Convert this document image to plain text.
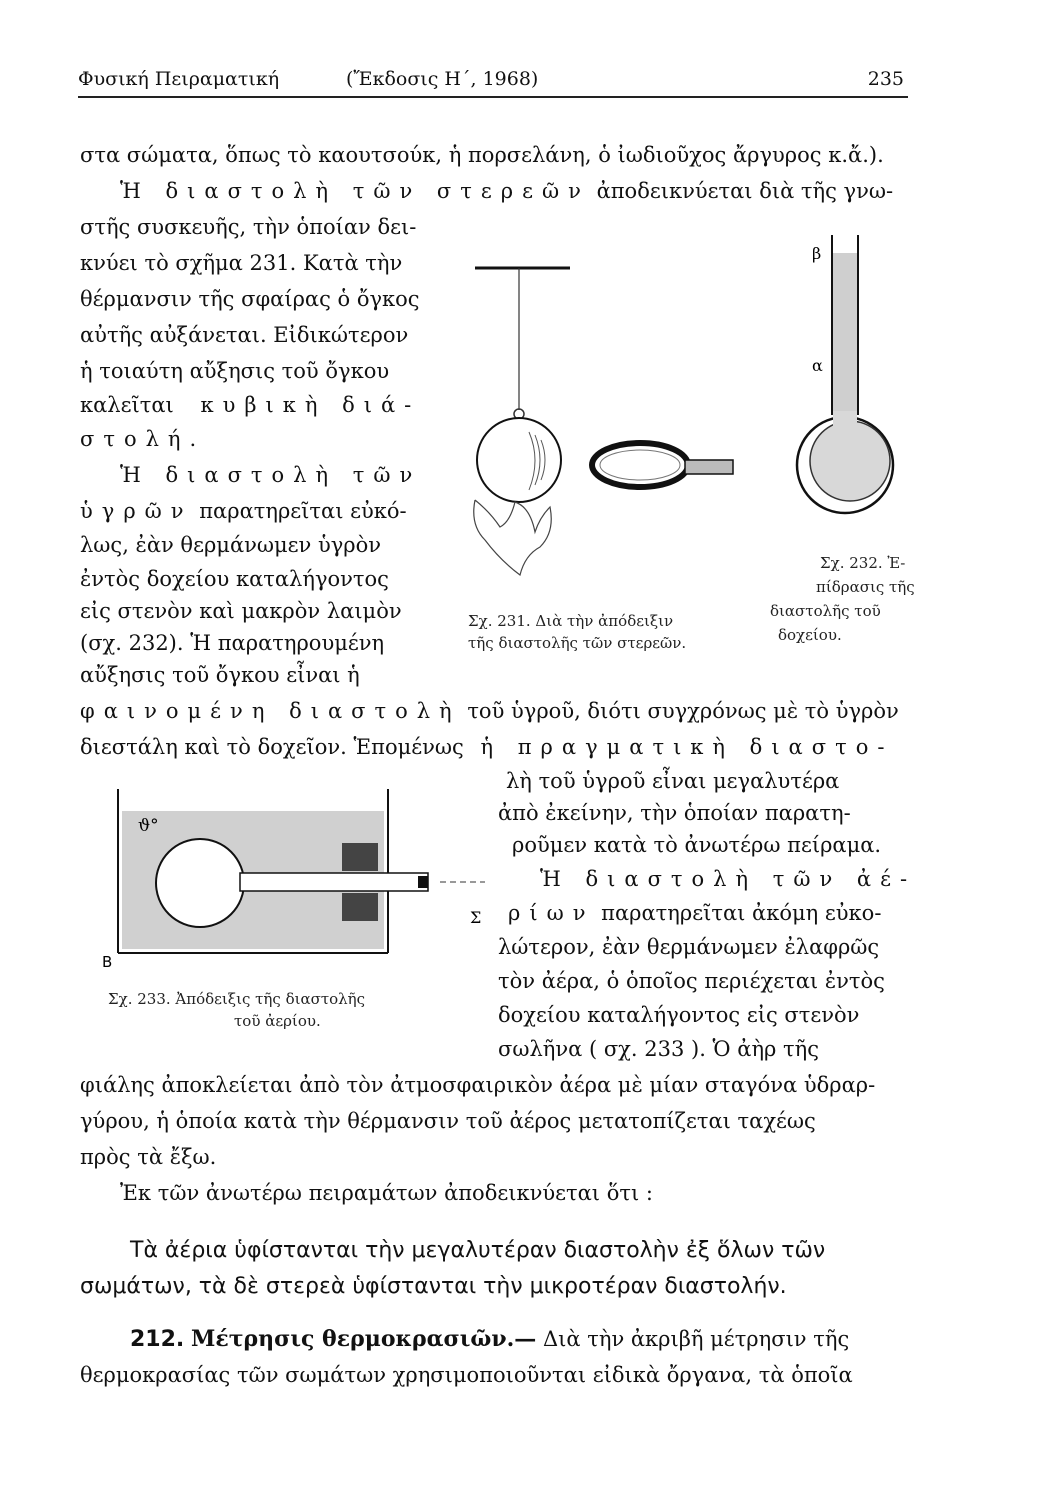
Φυσική Πειραματική	(Ἔκδοσις Η΄, 1968)	235
στα σώματα, ὅπως τὸ καουτσούκ, ἡ πορσελάνη, ὁ ἰωδιοῦχος ἄργυρος κ.ἄ.).
Ἡ διαστολὴ τῶν στερεῶν ἀποδεικνύεται διὰ τῆς γνω-
στῆς συσκευῆς, τὴν ὁποίαν δει-
κνύει τὸ σχῆμα 231. Κατὰ τὴν
θέρμανσιν τῆς σφαίρας ὁ ὄγκος
αὐτῆς αὐξάνεται. Εἰδικώτερον
ἡ τοιαύτη αὔξησις τοῦ ὄγκου
καλεῖται κυβικὴ διά-
στολή.
Ἡ διαστολὴ τῶν
ὑγρῶν παρατηρεῖται εὐκό-
λως, ἐὰν θερμάνωμεν ὑγρὸν
ἐντὸς δοχείου καταλήγοντος
εἰς στενὸν καὶ μακρὸν λαιμὸν
(σχ. 232). Ἡ παρατηρουμένη
αὔξησις τοῦ ὄγκου εἶναι ἡ
φαινομένη διαστολὴ τοῦ ὑγροῦ, διότι συγχρόνως μὲ τὸ ὑγρὸν
διεστάλη καὶ τὸ δοχεῖον. Ἑπομένως ἡ πραγματικὴ διαστο-
λὴ τοῦ ὑγροῦ εἶναι μεγαλυτέρα
ἀπὸ ἐκείνην, τὴν ὁποίαν παρατη-
ροῦμεν κατὰ τὸ ἀνωτέρω πείραμα.
Ἡ διαστολὴ τῶν ἀέ-
ρίων παρατηρεῖται ἀκόμη εὐκο-
λώτερον, ἐὰν θερμάνωμεν ἐλαφρῶς
τὸν ἀέρα, ὁ ὁποῖος περιέχεται ἐντὸς
δοχείου καταλήγοντος εἰς στενὸν
σωλῆνα ( σχ. 233 ). Ὁ ἀὴρ τῆς
φιάλης ἀποκλείεται ἀπὸ τὸν ἀτμοσφαιρικὸν ἀέρα μὲ μίαν σταγόνα ὑδραρ-
γύρου, ἡ ὁποία κατὰ τὴν θέρμανσιν τοῦ ἀέρος μετατοπίζεται ταχέως
πρὸς τὰ ἔξω.
Ἐκ τῶν ἀνωτέρω πειραμάτων ἀποδεικνύεται ὅτι :
Τὰ ἀέρια ὑφίστανται τὴν μεγαλυτέραν διαστολὴν ἐξ ὅλων τῶν
σωμάτων, τὰ δὲ στερεὰ ὑφίστανται τὴν μικροτέραν διαστολήν.
212. Μέτρησις θερμοκρασιῶν.— Διὰ τὴν ἀκριβῆ μέτρησιν τῆς
θερμοκρασίας τῶν σωμάτων χρησιμοποιοῦνται εἰδικὰ ὄργανα, τὰ ὁποῖα
β
α
ϑ°
Β
Σ
Σχ. 231. Διὰ τὴν ἀπόδειξιν
τῆς διαστολῆς τῶν στερεῶν.
Σχ. 232. Ἐ-
πίδρασις τῆς
διαστολῆς τοῦ
δοχείου.
Σχ. 233. Ἀπόδειξις τῆς διαστολῆς
τοῦ ἀερίου.
